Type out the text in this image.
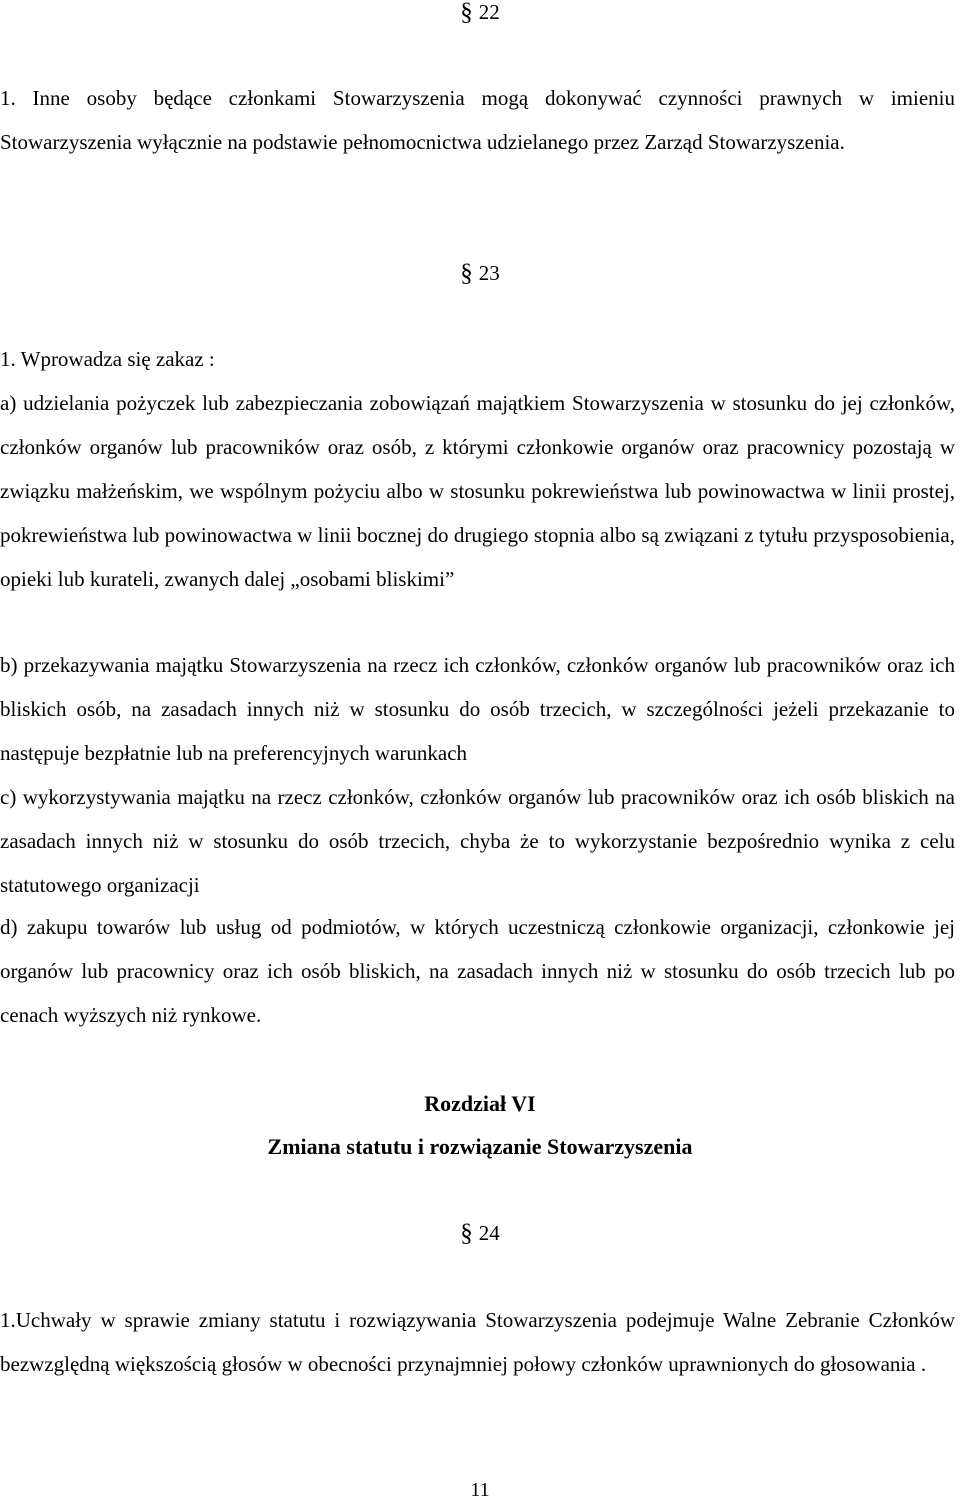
§ 22

1. Inne osoby będące członkami Stowarzyszenia mogą dokonywać czynności prawnych w imieniu Stowarzyszenia wyłącznie na podstawie pełnomocnictwa udzielanego przez Zarząd Stowarzyszenia.

§ 23

1. Wprowadza się zakaz :

a) udzielania pożyczek lub zabezpieczania zobowiązań majątkiem Stowarzyszenia w stosunku do jej członków, członków organów lub pracowników oraz osób, z którymi członkowie organów oraz pracownicy pozostają w związku małżeńskim, we wspólnym pożyciu albo w stosunku pokrewieństwa lub powinowactwa w linii prostej, pokrewieństwa lub powinowactwa w linii bocznej do drugiego stopnia albo są związani z tytułu przysposobienia, opieki lub kurateli, zwanych dalej „osobami bliskimi”

b) przekazywania majątku Stowarzyszenia na rzecz ich członków, członków organów lub pracowników oraz ich bliskich osób, na zasadach innych niż w stosunku do osób trzecich, w szczególności jeżeli przekazanie to następuje bezpłatnie lub na preferencyjnych warunkach

c) wykorzystywania majątku na rzecz członków, członków organów lub pracowników oraz ich osób bliskich na zasadach innych niż w stosunku do osób trzecich, chyba że to wykorzystanie bezpośrednio wynika z celu statutowego organizacji

d) zakupu towarów lub usług od podmiotów, w których uczestniczą członkowie organizacji, członkowie jej organów lub pracownicy oraz ich osób bliskich, na zasadach innych niż w stosunku do osób trzecich lub po cenach wyższych niż rynkowe.

Rozdział VI
Zmiana statutu i rozwiązanie Stowarzyszenia
§ 24

1.Uchwały w sprawie zmiany statutu i rozwiązywania Stowarzyszenia podejmuje Walne Zebranie Członków bezwzględną większością głosów w obecności przynajmniej połowy członków uprawnionych do głosowania .

11
